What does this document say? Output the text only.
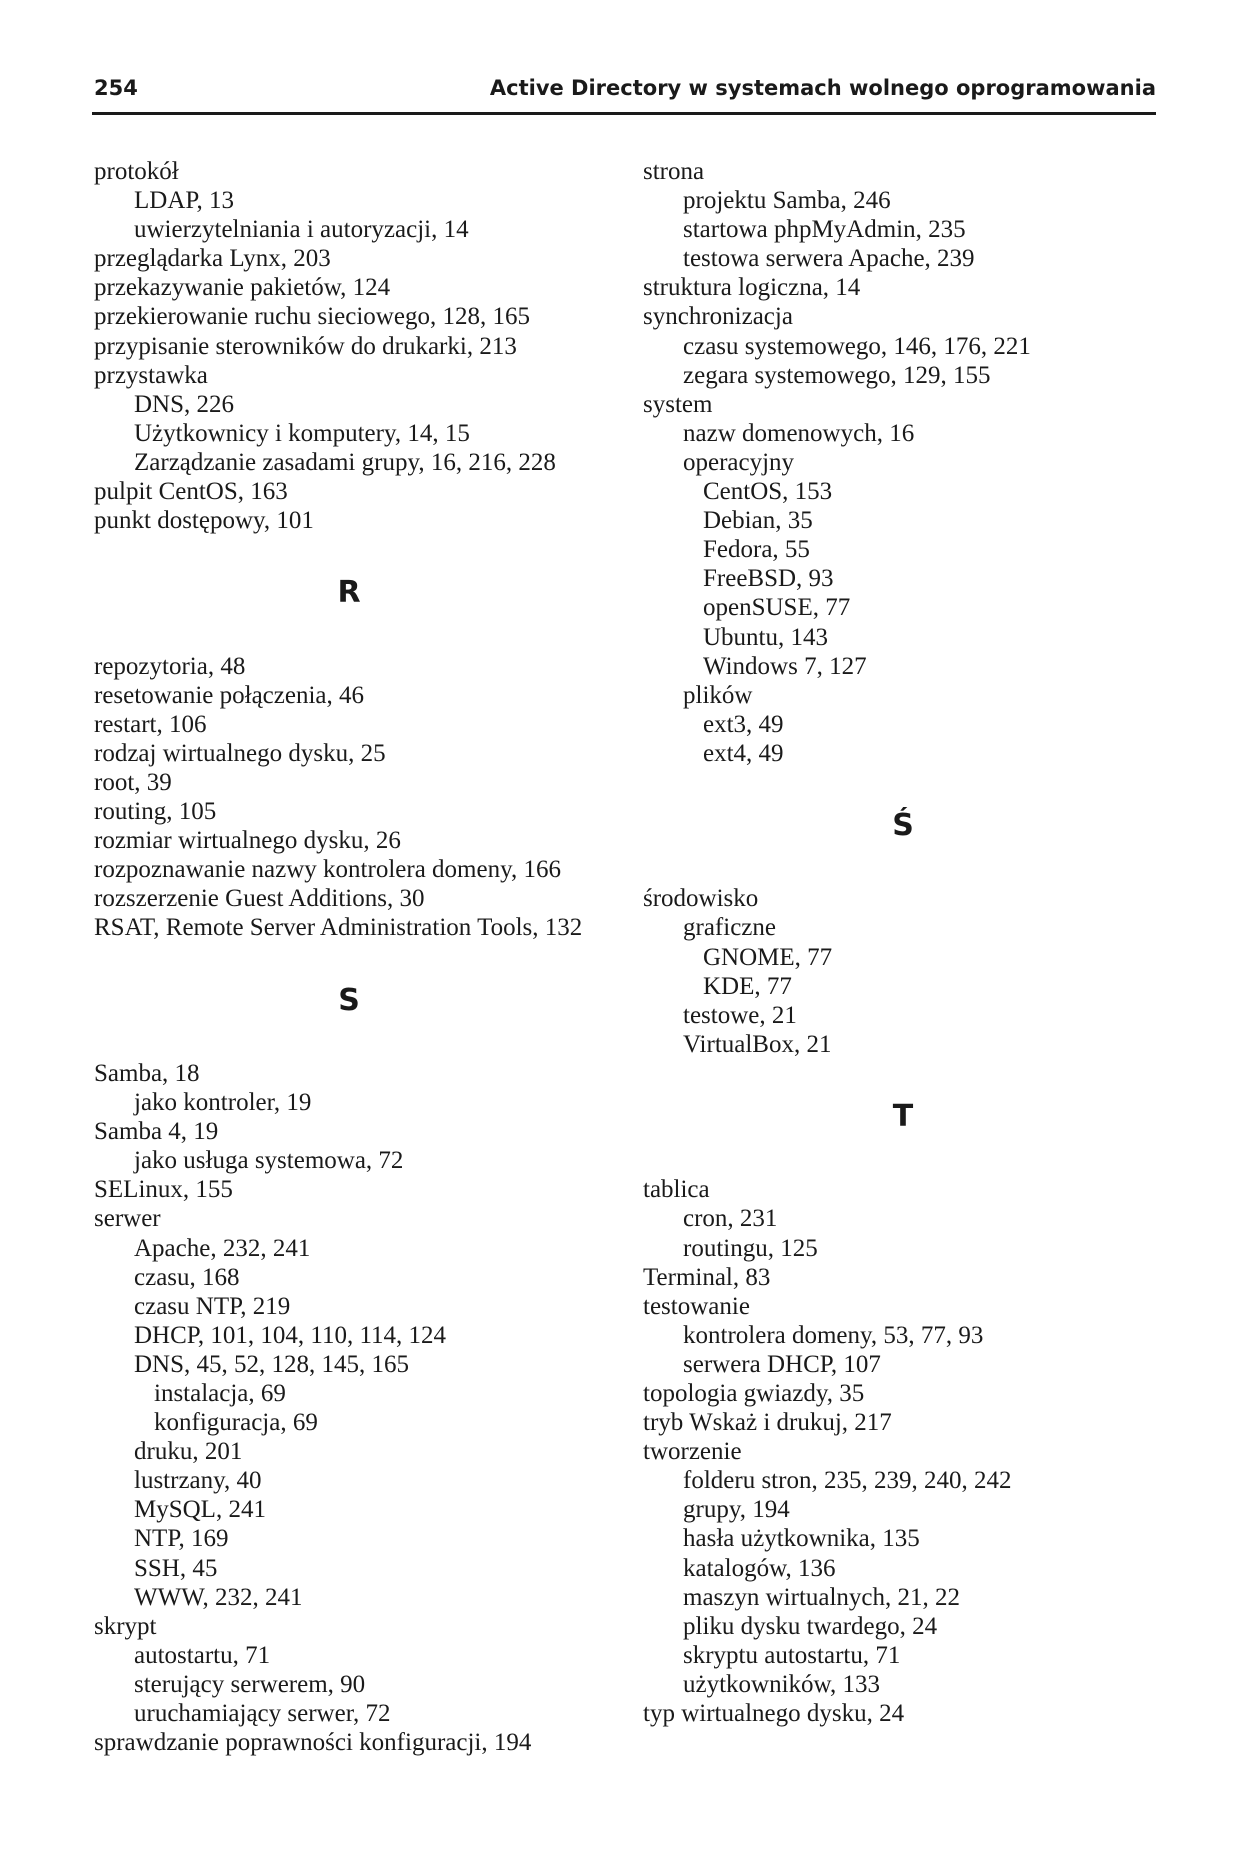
254	Active Directory w systemach wolnego oprogramowania
protokół
LDAP, 13
uwierzytelniania i autoryzacji, 14
przeglądarka Lynx, 203
przekazywanie pakietów, 124
przekierowanie ruchu sieciowego, 128, 165
przypisanie sterowników do drukarki, 213
przystawka
DNS, 226
Użytkownicy i komputery, 14, 15
Zarządzanie zasadami grupy, 16, 216, 228
pulpit CentOS, 163
punkt dostępowy, 101
R
repozytoria, 48
resetowanie połączenia, 46
restart, 106
rodzaj wirtualnego dysku, 25
root, 39
routing, 105
rozmiar wirtualnego dysku, 26
rozpoznawanie nazwy kontrolera domeny, 166
rozszerzenie Guest Additions, 30
RSAT, Remote Server Administration Tools, 132
S
Samba, 18
jako kontroler, 19
Samba 4, 19
jako usługa systemowa, 72
SELinux, 155
serwer
Apache, 232, 241
czasu, 168
czasu NTP, 219
DHCP, 101, 104, 110, 114, 124
DNS, 45, 52, 128, 145, 165
instalacja, 69
konfiguracja, 69
druku, 201
lustrzany, 40
MySQL, 241
NTP, 169
SSH, 45
WWW, 232, 241
skrypt
autostartu, 71
sterujący serwerem, 90
uruchamiający serwer, 72
sprawdzanie poprawności konfiguracji, 194
strona
projektu Samba, 246
startowa phpMyAdmin, 235
testowa serwera Apache, 239
struktura logiczna, 14
synchronizacja
czasu systemowego, 146, 176, 221
zegara systemowego, 129, 155
system
nazw domenowych, 16
operacyjny
CentOS, 153
Debian, 35
Fedora, 55
FreeBSD, 93
openSUSE, 77
Ubuntu, 143
Windows 7, 127
plików
ext3, 49
ext4, 49
Ś
środowisko
graficzne
GNOME, 77
KDE, 77
testowe, 21
VirtualBox, 21
T
tablica
cron, 231
routingu, 125
Terminal, 83
testowanie
kontrolera domeny, 53, 77, 93
serwera DHCP, 107
topologia gwiazdy, 35
tryb Wskaż i drukuj, 217
tworzenie
folderu stron, 235, 239, 240, 242
grupy, 194
hasła użytkownika, 135
katalogów, 136
maszyn wirtualnych, 21, 22
pliku dysku twardego, 24
skryptu autostartu, 71
użytkowników, 133
typ wirtualnego dysku, 24
